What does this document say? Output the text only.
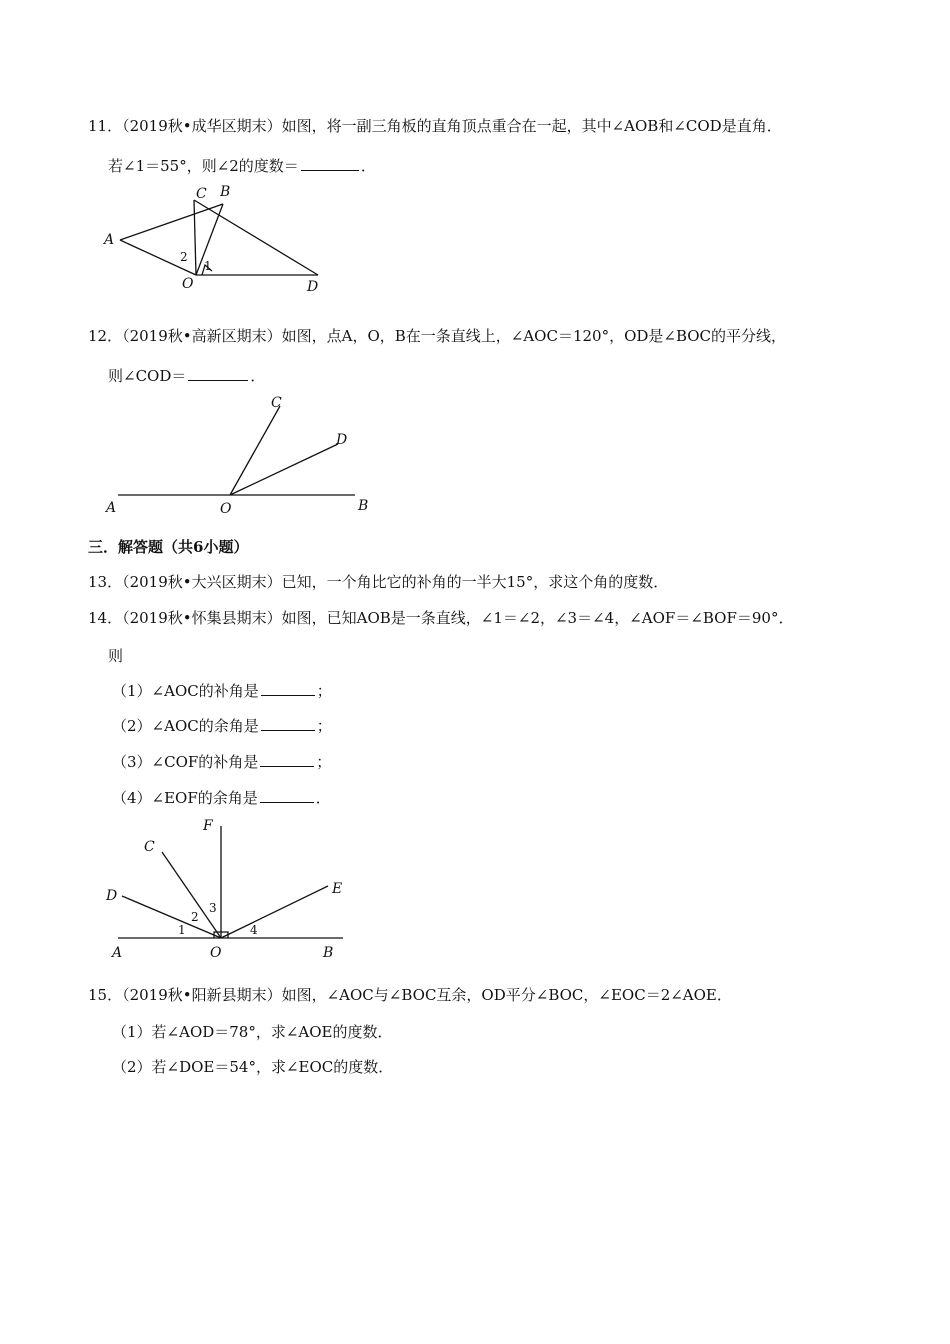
11．（2019秋•成华区期末）如图，将一副三角板的直角顶点重合在一起，其中∠AOB和∠COD是直角．
若∠1＝55°，则∠2的度数＝	．
A
B
C
D
O
2
1
12．（2019秋•高新区期末）如图，点A，O，B在一条直线上，∠AOC＝120°，OD是∠BOC的平分线，
则∠COD＝	．
A	O	B
C
D
三．解答题（共6小题）
13．（2019秋•大兴区期末）已知，一个角比它的补角的一半大15°，求这个角的度数．
14．（2019秋•怀集县期末）如图，已知AOB是一条直线，∠1＝∠2，∠3＝∠4，∠AOF＝∠BOF＝90°．
则
（1）∠AOC的补角是	；
（2）∠AOC的余角是	；
（3）∠COF的补角是	；
（4）∠EOF的余角是	．
A	O	B
F
C
D	E
1
2
3
4
15．（2019秋•阳新县期末）如图，∠AOC与∠BOC互余，OD平分∠BOC，∠EOC＝2∠AOE．
（1）若∠AOD＝78°，求∠AOE的度数．
（2）若∠DOE＝54°，求∠EOC的度数．
